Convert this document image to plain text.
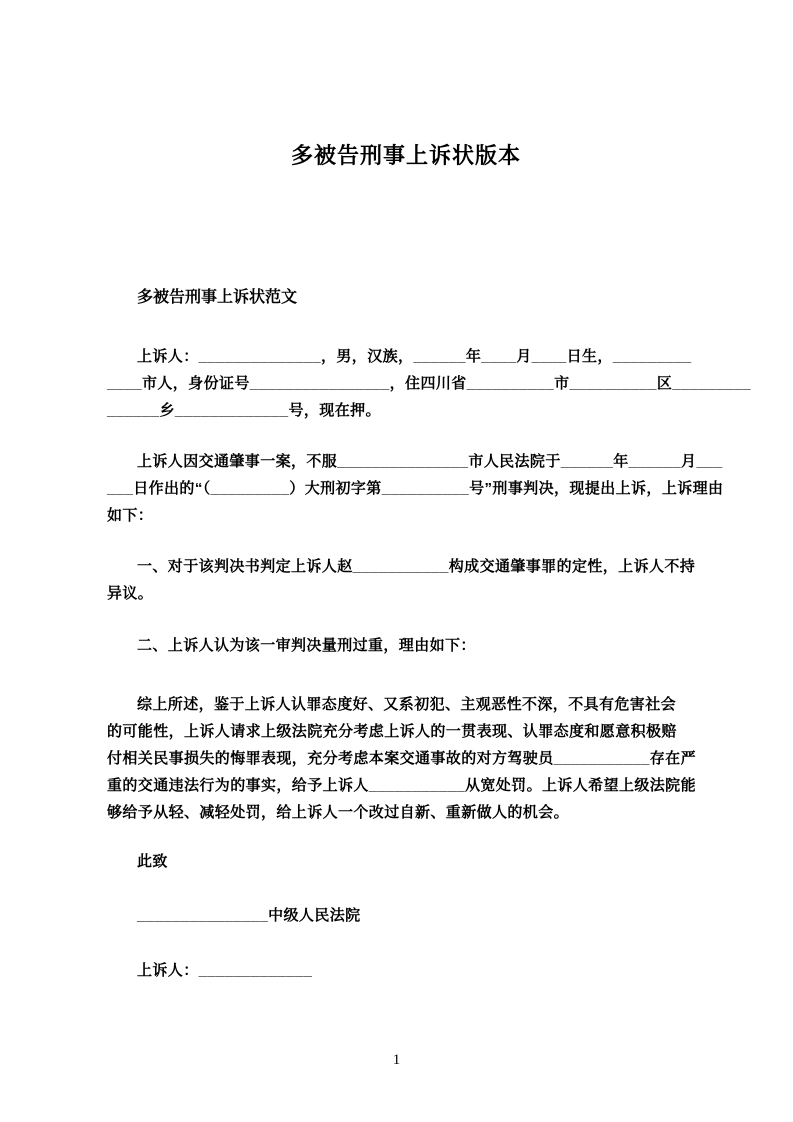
多被告刑事上诉状版本
多被告刑事上诉状范文
上诉人：______________，男，汉族，______年____月____日生，_________
____市人，身份证号________________，住四川省__________市__________区_________
______乡_____________号，现在押。
上诉人因交通肇事一案，不服_______________市人民法院于______年______月___
___日作出的“（_________）大刑初字第__________号”刑事判决，现提出上诉，上诉理由
如下：
一、对于该判决书判定上诉人赵___________构成交通肇事罪的定性，上诉人不持
异议。
二、上诉人认为该一审判决量刑过重，理由如下：
综上所述，鉴于上诉人认罪态度好、又系初犯、主观恶性不深，不具有危害社会
的可能性，上诉人请求上级法院充分考虑上诉人的一贯表现、认罪态度和愿意积极赔
付相关民事损失的悔罪表现，充分考虑本案交通事故的对方驾驶员___________存在严
重的交通违法行为的事实，给予上诉人___________从宽处罚。上诉人希望上级法院能
够给予从轻、减轻处罚，给上诉人一个改过自新、重新做人的机会。
此致
_______________中级人民法院
上诉人：_____________
1
